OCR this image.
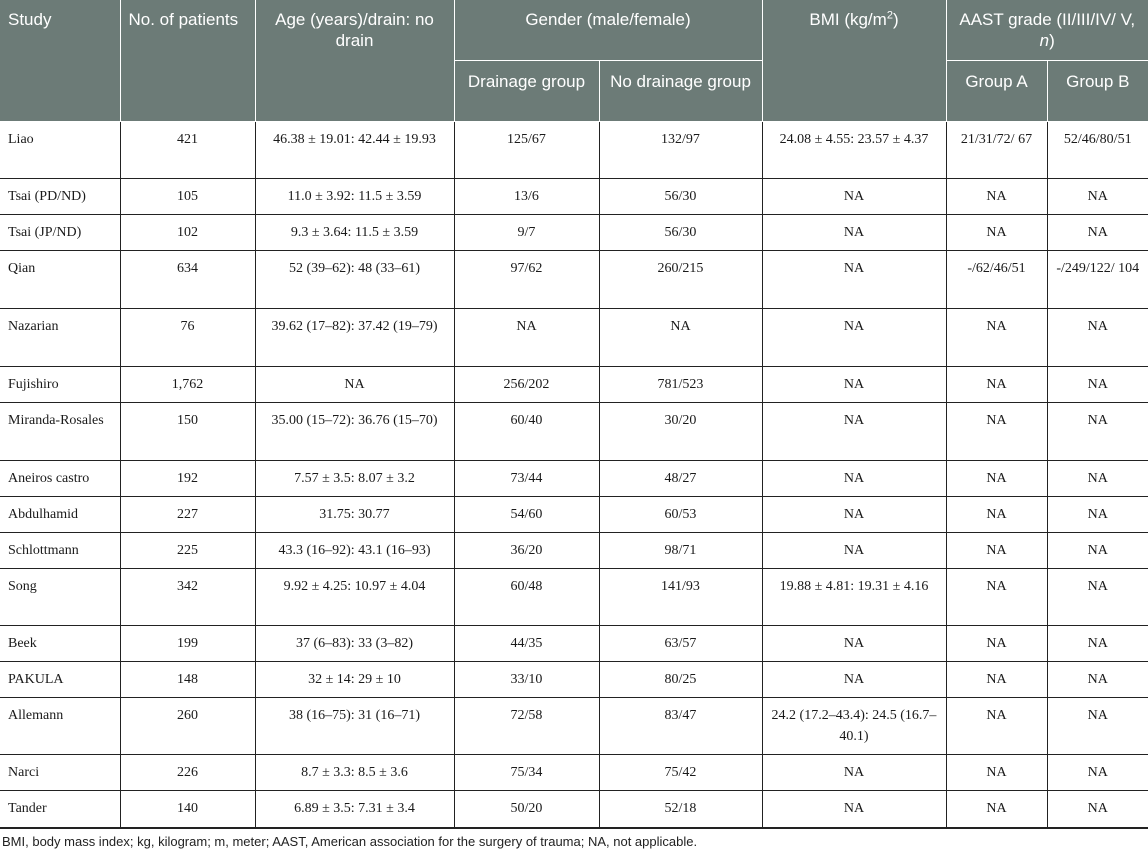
Study	No. of patients	Age (years)/drain: no drain	Gender (male/female)		BMI $(kg/m^2)$	AAST grade (II/III/IV/ V, n)	
			Drainage group	No drainage group		Group A	Group B
Liao	421	46.38 ± 19.01: 42.44 ± 19.93	125/67	132/97	24.08 ± 4.55: 23.57 ± 4.37	21/31/72/ 67	52/46/80/51
Tsai (PD/ND)	105	11.0 ± 3.92: 11.5 ± 3.59	13/6	56/30	NA	NA	NA
Tsai (JP/ND)	102	9.3 ± 3.64: 11.5 ± 3.59	9/7	56/30	NA	NA	NA
Qian	634	52 (39–62): 48 (33–61)	97/62	260/215	NA	-/62/46/51	-/249/122/ 104
Nazarian	76	39.62 (17–82): 37.42 (19–79)	NA	NA	NA	NA	NA
Fujishiro	1,762	NA	256/202	781/523	NA	NA	NA
Miranda-Rosales	150	35.00 (15–72): 36.76 (15–70)	60/40	30/20	NA	NA	NA
Aneiros castro	192	7.57 ± 3.5: 8.07 ± 3.2	73/44	48/27	NA	NA	NA
Abdulhamid	227	31.75: 30.77	54/60	60/53	NA	NA	NA
Schlottmann	225	43.3 (16–92): 43.1 (16–93)	36/20	98/71	NA	NA	NA
Song	342	9.92 ± 4.25: 10.97 ± 4.04	60/48	141/93	19.88 ± 4.81: 19.31 ± 4.16	NA	NA
Beek	199	37 (6–83): 33 (3–82)	44/35	63/57	NA	NA	NA
PAKULA	148	32 ± 14: 29 ± 10	33/10	80/25	NA	NA	NA
Allemann	260	38 (16–75): 31 (16–71)	72/58	83/47	24.2 (17.2–43.4): 24.5 (16.7–40.1)	NA	NA
Narci	226	8.7 ± 3.3: 8.5 ± 3.6	75/34	75/42	NA	NA	NA
Tander	140	6.89 ± 3.5: 7.31 ± 3.4	50/20	52/18	NA	NA	NA
BMI, body mass index; kg, kilogram; m, meter; AAST, American association for the surgery of trauma; NA, not applicable.
